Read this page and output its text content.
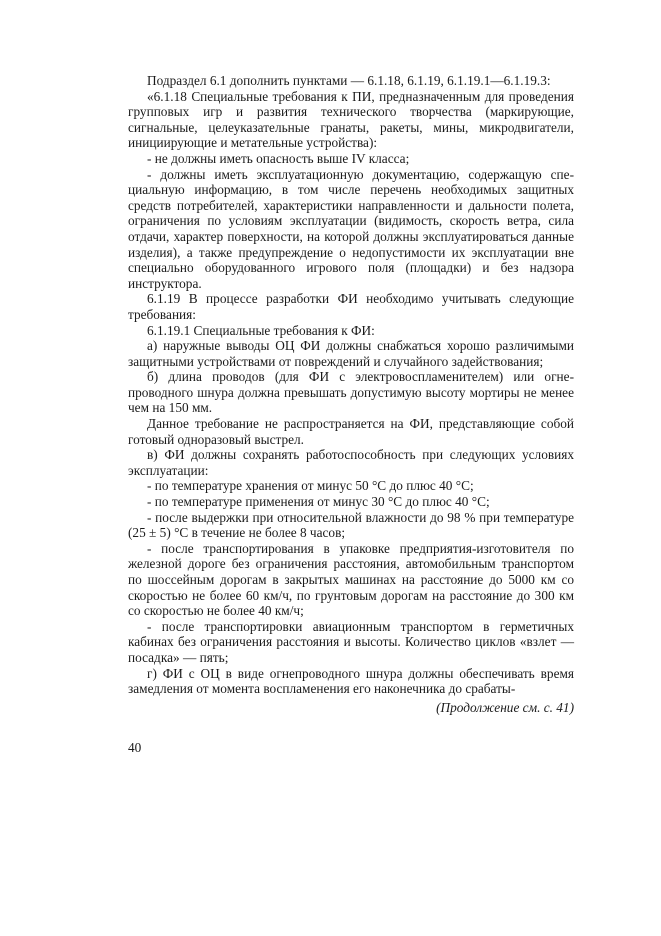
Подраздел 6.1 дополнить пунктами — 6.1.18, 6.1.19, 6.1.19.1—6.1.19.3:

«6.1.18 Специальные требования к ПИ, предназначенным для проведения групповых игр и развития технического творчества (маркирующие, сигнальные, целеуказательные гранаты, ракеты, мины, микродвигатели, инициирующие и метательные устройства):

- не должны иметь опасность выше IV класса;

- должны иметь эксплуатационную документацию, содержащую специальную информацию, в том числе перечень необходимых защитных средств потребителей, характеристики направленности и дальности полета, ограничения по условиям эксплуатации (видимость, скорость ветра, сила отдачи, характер поверхности, на которой должны эксплуатироваться данные изделия), а также предупреждение о недопустимости их эксплуатации вне специально оборудованного игрового поля (площадки) и без надзора инструктора.

6.1.19 В процессе разработки ФИ необходимо учитывать следующие требования:

6.1.19.1 Специальные требования к ФИ:

а) наружные выводы ОЦ ФИ должны снабжаться хорошо различимыми защитными устройствами от повреждений и случайного задействования;

б) длина проводов (для ФИ с электровоспламенителем) или огнепроводного шнура должна превышать допустимую высоту мортиры не менее чем на 150 мм.

Данное требование не распространяется на ФИ, представляющие собой готовый одноразовый выстрел.

в) ФИ должны сохранять работоспособность при следующих условиях эксплуатации:

- по температуре хранения от минус 50 °С до плюс 40 °С;

- по температуре применения от минус 30 °С до плюс 40 °С;

- после выдержки при относительной влажности до 98 % при температуре (25 ± 5) °С в течение не более 8 часов;

- после транспортирования в упаковке предприятия-изготовителя по железной дороге без ограничения расстояния, автомобильным транспортом по шоссейным дорогам в закрытых машинах на расстояние до 5000 км со скоростью не более 60 км/ч, по грунтовым дорогам на расстояние до 300 км со скоростью не более 40 км/ч;

- после транспортировки авиационным транспортом в герметичных кабинах без ограничения расстояния и высоты. Количество циклов «взлет — посадка» — пять;

г) ФИ с ОЦ в виде огнепроводного шнура должны обеспечивать время замедления от момента воспламенения его наконечника до срабаты-

(Продолжение см. с. 41)
40
